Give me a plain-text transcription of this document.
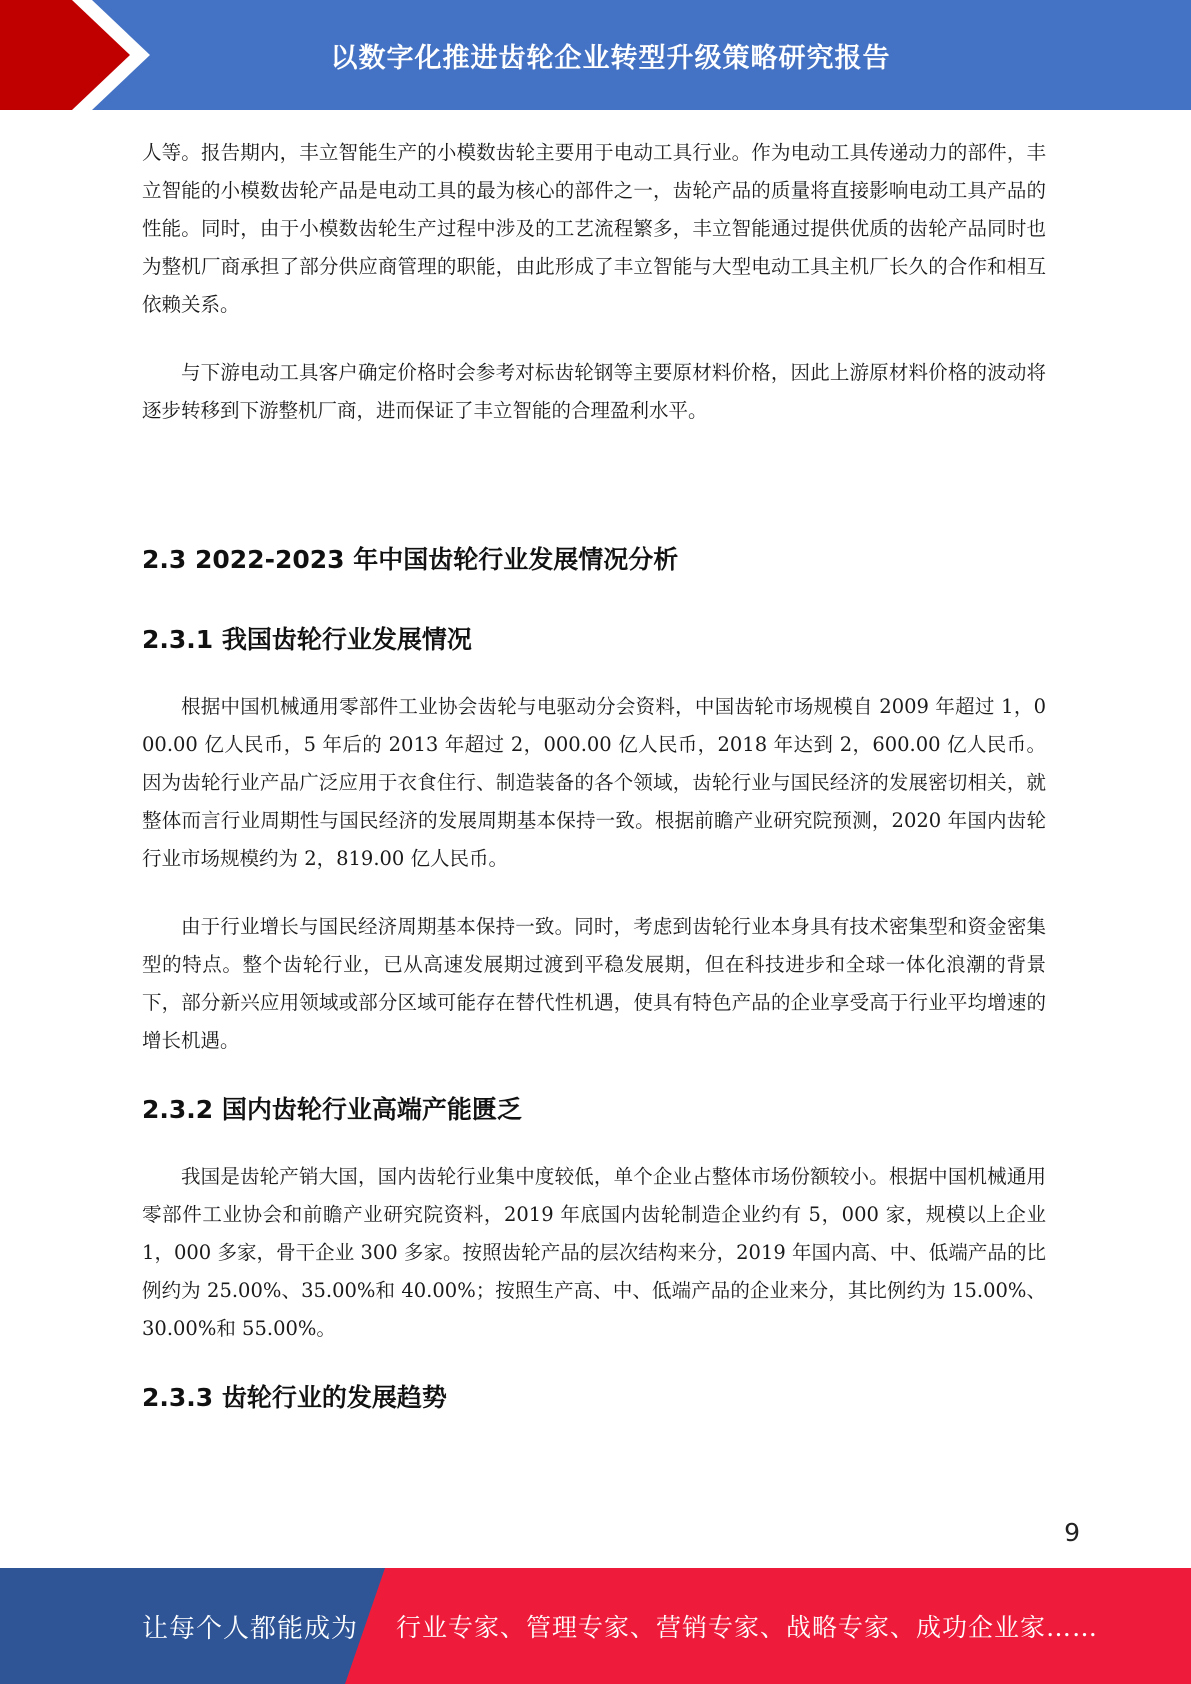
以数字化推进齿轮企业转型升级策略研究报告

人等。报告期内，丰立智能生产的小模数齿轮主要用于电动工具行业。作为电动工具传递动力的部件，丰立智能的小模数齿轮产品是电动工具的最为核心的部件之一，齿轮产品的质量将直接影响电动工具产品的性能。同时，由于小模数齿轮生产过程中涉及的工艺流程繁多，丰立智能通过提供优质的齿轮产品同时也为整机厂商承担了部分供应商管理的职能，由此形成了丰立智能与大型电动工具主机厂长久的合作和相互依赖关系。

与下游电动工具客户确定价格时会参考对标齿轮钢等主要原材料价格，因此上游原材料价格的波动将逐步转移到下游整机厂商，进而保证了丰立智能的合理盈利水平。

2.3 2022-2023 年中国齿轮行业发展情况分析
2.3.1 我国齿轮行业发展情况

根据中国机械通用零部件工业协会齿轮与电驱动分会资料，中国齿轮市场规模自 2009 年超过 1，000.00 亿人民币，5 年后的 2013 年超过 2，000.00 亿人民币，2018 年达到 2，600.00 亿人民币。因为齿轮行业产品广泛应用于衣食住行、制造装备的各个领域，齿轮行业与国民经济的发展密切相关，就整体而言行业周期性与国民经济的发展周期基本保持一致。根据前瞻产业研究院预测，2020 年国内齿轮行业市场规模约为 2，819.00 亿人民币。

由于行业增长与国民经济周期基本保持一致。同时，考虑到齿轮行业本身具有技术密集型和资金密集型的特点。整个齿轮行业，已从高速发展期过渡到平稳发展期，但在科技进步和全球一体化浪潮的背景下，部分新兴应用领域或部分区域可能存在替代性机遇，使具有特色产品的企业享受高于行业平均增速的增长机遇。

2.3.2 国内齿轮行业高端产能匮乏

我国是齿轮产销大国，国内齿轮行业集中度较低，单个企业占整体市场份额较小。根据中国机械通用零部件工业协会和前瞻产业研究院资料，2019 年底国内齿轮制造企业约有 5，000 家，规模以上企业 1，000 多家，骨干企业 300 多家。按照齿轮产品的层次结构来分，2019 年国内高、中、低端产品的比例约为 25.00%、35.00%和 40.00%；按照生产高、中、低端产品的企业来分，其比例约为 15.00%、30.00%和 55.00%。

2.3.3 齿轮行业的发展趋势
9
让每个人都能成为 行业专家、管理专家、营销专家、战略专家、成功企业家……
